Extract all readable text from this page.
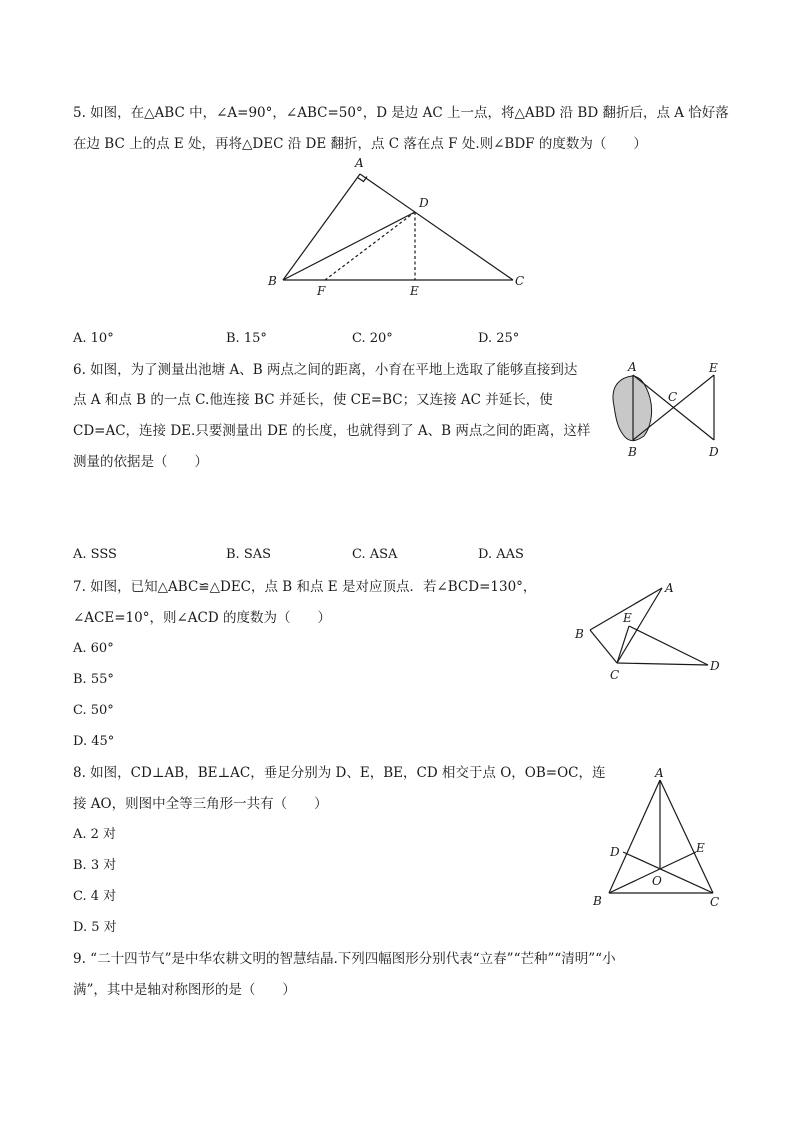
5. 如图，在△ABC 中，∠A=90°，∠ABC=50°，D 是边 AC 上一点，将△ABD 沿 BD 翻折后，点 A 恰好落
在边 BC 上的点 E 处，再将△DEC 沿 DE 翻折，点 C 落在点 F 处.则∠BDF 的度数为（　　）
A
B	C
D
E
F
A. 10°	B. 15°	C. 20°	D. 25°
6. 如图，为了测量出池塘 A、B 两点之间的距离，小育在平地上选取了能够直接到达
点 A 和点 B 的一点 C.他连接 BC 并延长，使 CE=BC；又连接 AC 并延长，使
CD=AC，连接 DE.只要测量出 DE 的长度，也就得到了 A、B 两点之间的距离，这样
测量的依据是（　　）
A
B
C
D
E
A. SSS	B. SAS	C. ASA	D. AAS
7. 如图，已知△ABC≌△DEC，点 B 和点 E 是对应顶点．若∠BCD=130°，
∠ACE=10°，则∠ACD 的度数为（　　）
A
B
C
D
E
A. 60°
B. 55°
C. 50°
D. 45°
8. 如图，CD⊥AB，BE⊥AC，垂足分别为 D、E，BE，CD 相交于点 O，OB=OC，连
接 AO，则图中全等三角形一共有（　　）
A
B	C
D	E
O
A. 2 对
B. 3 对
C. 4 对
D. 5 对
9. “二十四节气”是中华农耕文明的智慧结晶.下列四幅图形分别代表“立春”“芒种”“清明”“小
满”，其中是轴对称图形的是（　　）
